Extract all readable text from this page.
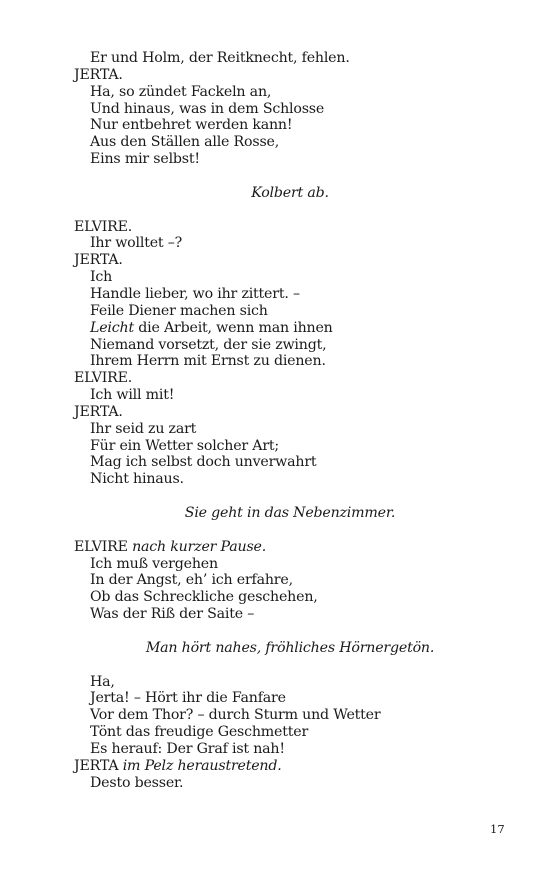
Er und Holm, der Reitknecht, fehlen.
JERTA.
Ha, so zündet Fackeln an,
Und hinaus, was in dem Schlosse
Nur entbehret werden kann!
Aus den Ställen alle Rosse,
Eins mir selbst!
Kolbert ab.
ELVIRE.
Ihr wolltet –?
JERTA.
Ich
Handle lieber, wo ihr zittert. –
Feile Diener machen sich
Leicht die Arbeit, wenn man ihnen
Niemand vorsetzt, der sie zwingt,
Ihrem Herrn mit Ernst zu dienen.
ELVIRE.
Ich will mit!
JERTA.
Ihr seid zu zart
Für ein Wetter solcher Art;
Mag ich selbst doch unverwahrt
Nicht hinaus.
Sie geht in das Nebenzimmer.
ELVIRE nach kurzer Pause.
Ich muß vergehen
In der Angst, eh’ ich erfahre,
Ob das Schreckliche geschehen,
Was der Riß der Saite –
Man hört nahes, fröhliches Hörnergetön.
Ha,
Jerta! – Hört ihr die Fanfare
Vor dem Thor? – durch Sturm und Wetter
Tönt das freudige Geschmetter
Es herauf: Der Graf ist nah!
JERTA im Pelz heraustretend.
Desto besser.
17
